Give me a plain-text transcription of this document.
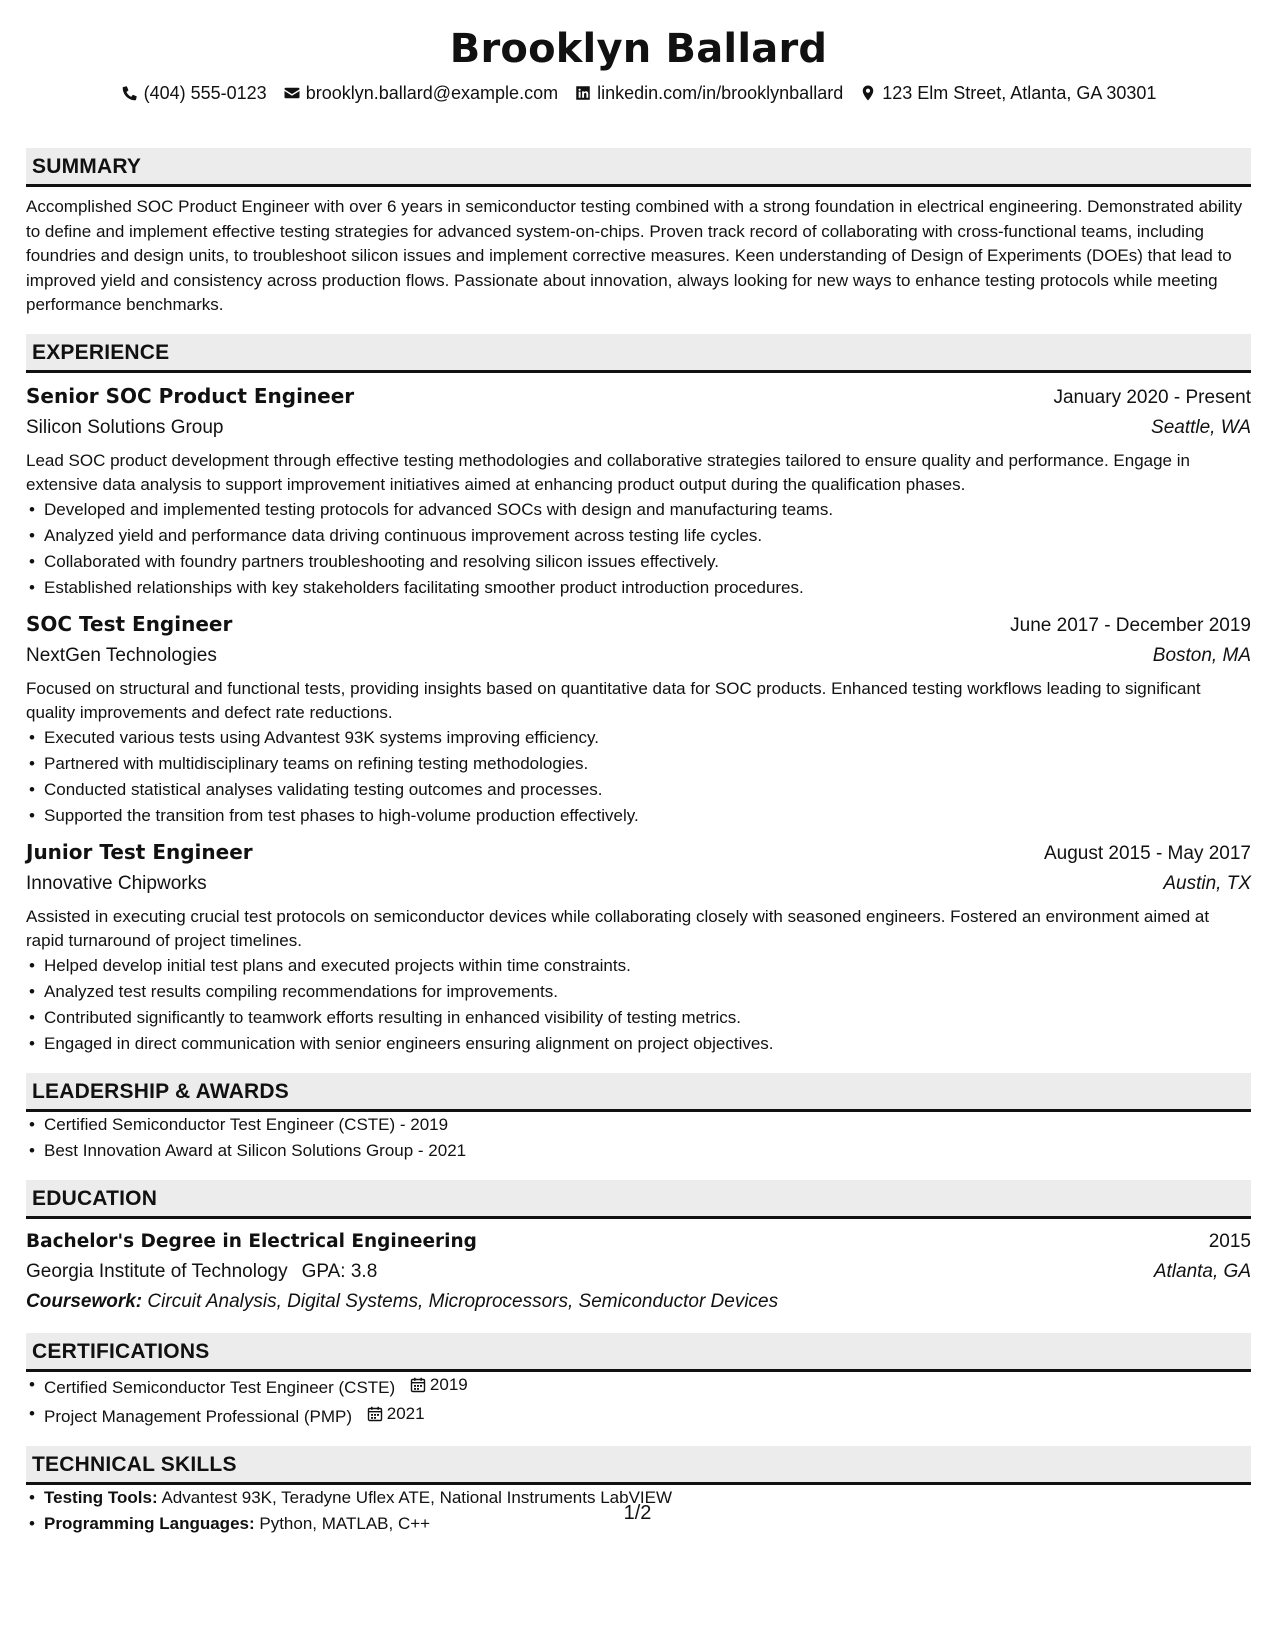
Brooklyn Ballard
(404) 555-0123 brooklyn.ballard@example.com linkedin.com/in/brooklynballard 123 Elm Street, Atlanta, GA 30301
SUMMARY
Accomplished SOC Product Engineer with over 6 years in semiconductor testing combined with a strong foundation in electrical engineering. Demonstrated ability to define and implement effective testing strategies for advanced system-on-chips. Proven track record of collaborating with cross-functional teams, including foundries and design units, to troubleshoot silicon issues and implement corrective measures. Keen understanding of Design of Experiments (DOEs) that lead to improved yield and consistency across production flows. Passionate about innovation, always looking for new ways to enhance testing protocols while meeting performance benchmarks.
EXPERIENCE
Senior SOC Product Engineer	January 2020 - Present
Silicon Solutions Group	Seattle, WA
Lead SOC product development through effective testing methodologies and collaborative strategies tailored to ensure quality and performance. Engage in extensive data analysis to support improvement initiatives aimed at enhancing product output during the qualification phases.
• Developed and implemented testing protocols for advanced SOCs with design and manufacturing teams.
• Analyzed yield and performance data driving continuous improvement across testing life cycles.
• Collaborated with foundry partners troubleshooting and resolving silicon issues effectively.
• Established relationships with key stakeholders facilitating smoother product introduction procedures.
SOC Test Engineer	June 2017 - December 2019
NextGen Technologies	Boston, MA
Focused on structural and functional tests, providing insights based on quantitative data for SOC products. Enhanced testing workflows leading to significant quality improvements and defect rate reductions.
• Executed various tests using Advantest 93K systems improving efficiency.
• Partnered with multidisciplinary teams on refining testing methodologies.
• Conducted statistical analyses validating testing outcomes and processes.
• Supported the transition from test phases to high-volume production effectively.
Junior Test Engineer	August 2015 - May 2017
Innovative Chipworks	Austin, TX
Assisted in executing crucial test protocols on semiconductor devices while collaborating closely with seasoned engineers. Fostered an environment aimed at rapid turnaround of project timelines.
• Helped develop initial test plans and executed projects within time constraints.
• Analyzed test results compiling recommendations for improvements.
• Contributed significantly to teamwork efforts resulting in enhanced visibility of testing metrics.
• Engaged in direct communication with senior engineers ensuring alignment on project objectives.
LEADERSHIP & AWARDS
• Certified Semiconductor Test Engineer (CSTE) - 2019
• Best Innovation Award at Silicon Solutions Group - 2021
EDUCATION
Bachelor's Degree in Electrical Engineering	2015
Georgia Institute of Technology GPA: 3.8	Atlanta, GA
Coursework: Circuit Analysis, Digital Systems, Microprocessors, Semiconductor Devices
CERTIFICATIONS
• Certified Semiconductor Test Engineer (CSTE) 2019
• Project Management Professional (PMP) 2021
TECHNICAL SKILLS
• Testing Tools: Advantest 93K, Teradyne Uflex ATE, National Instruments LabVIEW
• Programming Languages: Python, MATLAB, C++	1/2
